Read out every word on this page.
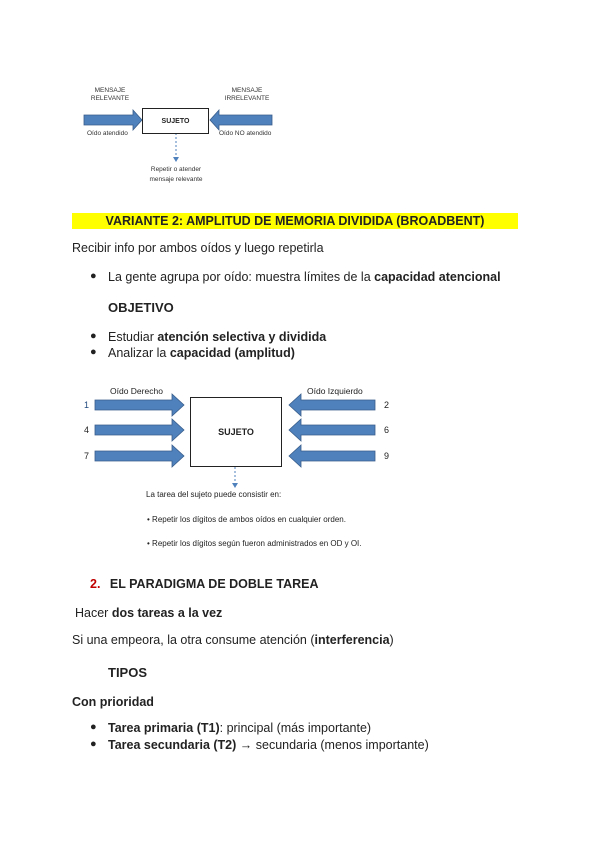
MENSAJE
RELEVANTE
MENSAJE
IRRELEVANTE
SUJETO
Oído atendido	Oído NO atendido
Repetir o atender
mensaje relevante
VARIANTE 2: AMPLITUD DE MEMORIA DIVIDIDA (BROADBENT)
Recibir info por ambos oídos y luego repetirla
● La gente agrupa por oído: muestra límites de la capacidad atencional
OBJETIVO
● Estudiar atención selectiva y dividida
● Analizar la capacidad (amplitud)
Oído Derecho	Oído Izquierdo
1
4
7
2
6
9
SUJETO
La tarea del sujeto puede consistir en:
• Repetir los dígitos de ambos oídos en cualquier orden.
• Repetir los dígitos según fueron administrados en OD y OI.
2. EL PARADIGMA DE DOBLE TAREA
Hacer dos tareas a la vez
Si una empeora, la otra consume atención (interferencia)
TIPOS
Con prioridad
● Tarea primaria (T1): principal (más importante)
● Tarea secundaria (T2) → secundaria (menos importante)
